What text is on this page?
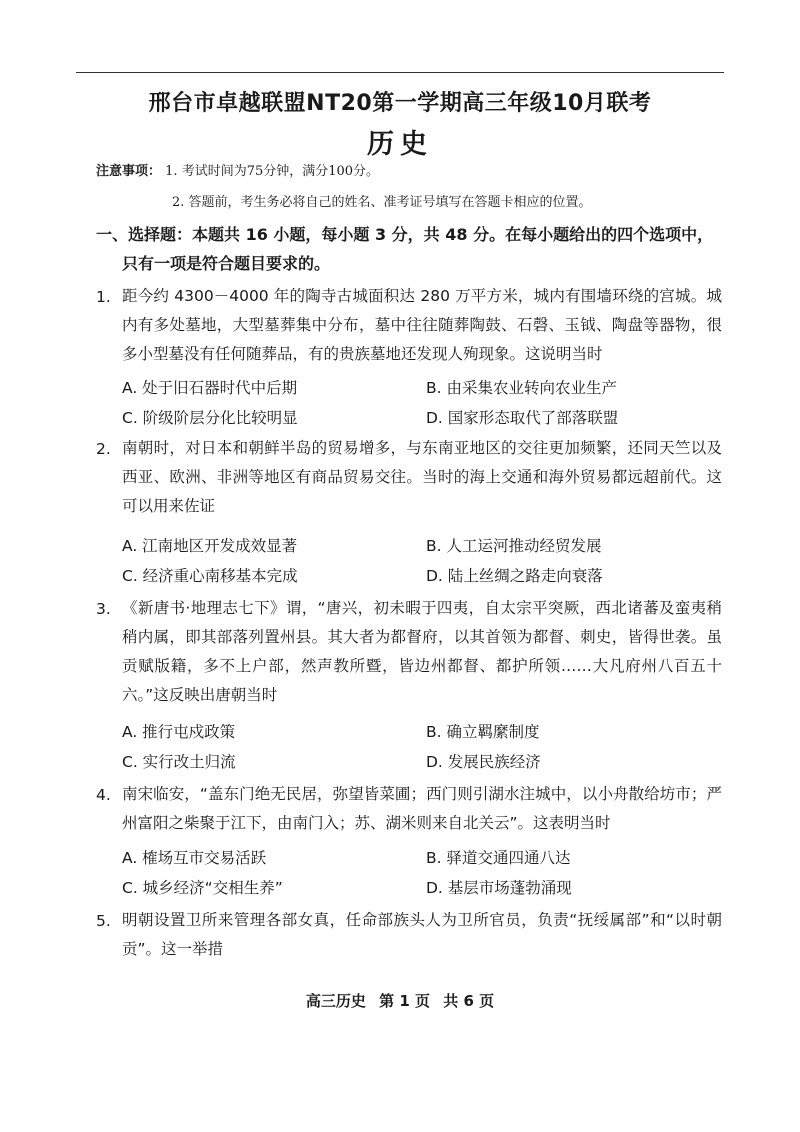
邢台市卓越联盟NT20第一学期高三年级10月联考
历史
注意事项： 1. 考试时间为75分钟，满分100分。
2. 答题前，考生务必将自己的姓名、准考证号填写在答题卡相应的位置。
一、选择题：本题共 16 小题，每小题 3 分，共 48 分。在每小题给出的四个选项中，
只有一项是符合题目要求的。
1. 距今约 4300－4000 年的陶寺古城面积达 280 万平方米，城内有围墙环绕的宫城。城内有多处墓地，大型墓葬集中分布，墓中往往随葬陶鼓、石磬、玉钺、陶盘等器物，很多小型墓没有任何随葬品，有的贵族墓地还发现人殉现象。这说明当时
A. 处于旧石器时代中后期	B. 由采集农业转向农业生产
C. 阶级阶层分化比较明显	D. 国家形态取代了部落联盟
2. 南朝时，对日本和朝鲜半岛的贸易增多，与东南亚地区的交往更加频繁，还同天竺以及西亚、欧洲、非洲等地区有商品贸易交往。当时的海上交通和海外贸易都远超前代。这可以用来佐证
A. 江南地区开发成效显著	B. 人工运河推动经贸发展
C. 经济重心南移基本完成	D. 陆上丝绸之路走向衰落
3. 《新唐书·地理志七下》谓，“唐兴，初未暇于四夷，自太宗平突厥，西北诸蕃及蛮夷稍稍内属，即其部落列置州县。其大者为都督府，以其首领为都督、刺史，皆得世袭。虽贡赋版籍，多不上户部，然声教所暨，皆边州都督、都护所领……大凡府州八百五十六。”这反映出唐朝当时
A. 推行屯戍政策	B. 确立羁縻制度
C. 实行改土归流	D. 发展民族经济
4. 南宋临安，“盖东门绝无民居，弥望皆菜圃；西门则引湖水注城中，以小舟散给坊市；严州富阳之柴聚于江下，由南门入；苏、湖米则来自北关云”。这表明当时
A. 榷场互市交易活跃	B. 驿道交通四通八达
C. 城乡经济“交相生养”	D. 基层市场蓬勃涌现
5. 明朝设置卫所来管理各部女真，任命部族头人为卫所官员，负责“抚绥属部”和“以时朝贡”。这一举措
高三历史 第 1 页 共 6 页
